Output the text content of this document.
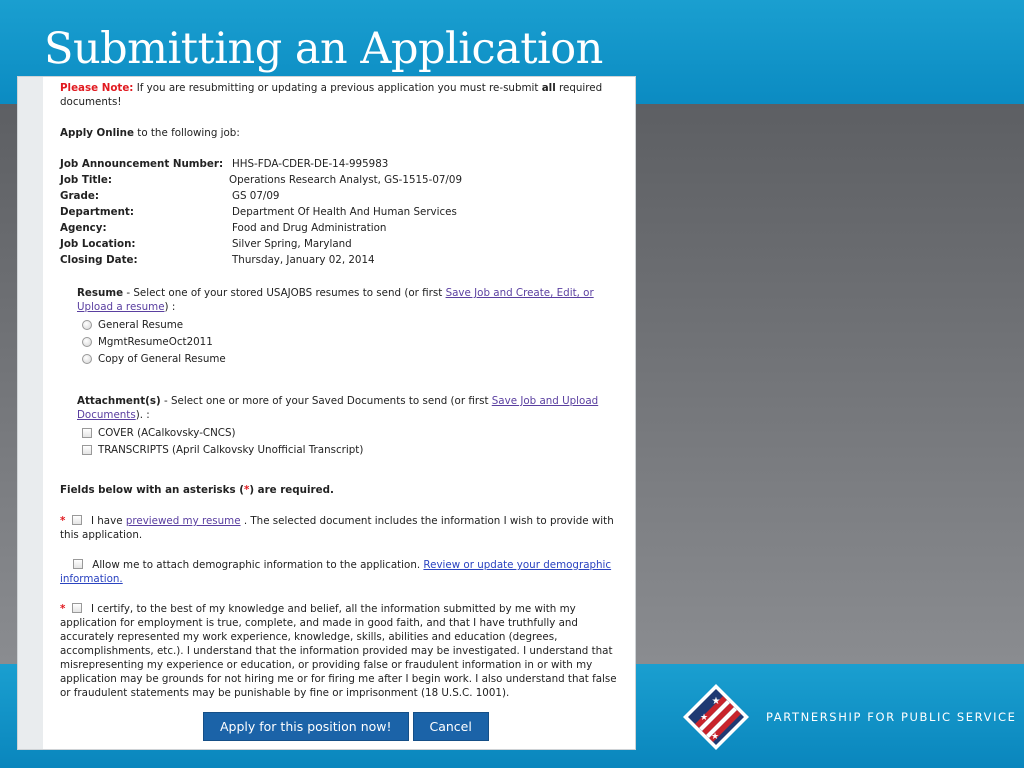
Submitting an Application
Please Note: If you are resubmitting or updating a previous application you must re-submit all required documents!
Apply Online to the following job:
Job Announcement Number: HHS-FDA-CDER-DE-14-995983
Job Title:	Operations Research Analyst, GS-1515-07/09
Grade:	GS 07/09
Department:	Department Of Health And Human Services
Agency:	Food and Drug Administration
Job Location:	Silver Spring, Maryland
Closing Date:	Thursday, January 02, 2014
Resume - Select one of your stored USAJOBS resumes to send (or first Save Job and Create, Edit, or Upload a resume) :
General Resume
MgmtResumeOct2011
Copy of General Resume
Attachment(s) - Select one or more of your Saved Documents to send (or first Save Job and Upload Documents). :
COVER (ACalkovsky-CNCS)
TRANSCRIPTS (April Calkovsky Unofficial Transcript)
Fields below with an asterisks (*) are required.
* I have previewed my resume . The selected document includes the information I wish to provide with this application.
Allow me to attach demographic information to the application. Review or update your demographic information.
* I certify, to the best of my knowledge and belief, all the information submitted by me with my application for employment is true, complete, and made in good faith, and that I have truthfully and accurately represented my work experience, knowledge, skills, abilities and education (degrees, accomplishments, etc.). I understand that the information provided may be investigated. I understand that misrepresenting my experience or education, or providing false or fraudulent information in or with my application may be grounds for not hiring me or for firing me after I begin work. I also understand that false or fraudulent statements may be punishable by fine or imprisonment (18 U.S.C. 1001).
Apply for this position now!	Cancel
★
★
★
PARTNERSHIP FOR PUBLIC SERVICE
